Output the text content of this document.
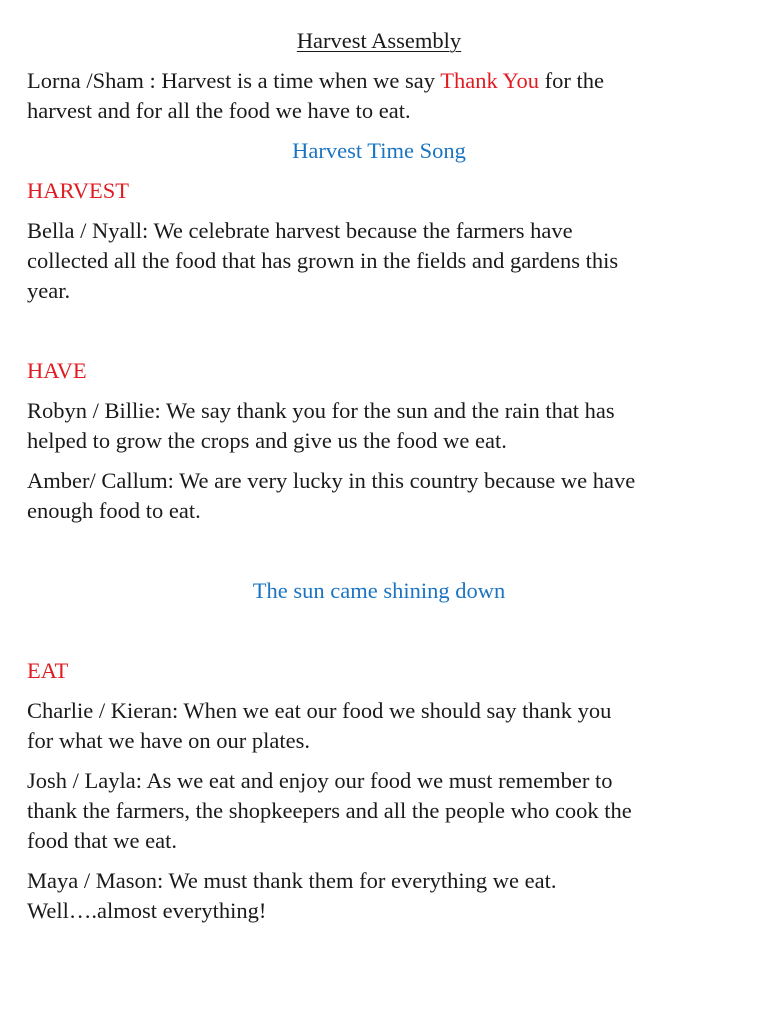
Harvest Assembly

Lorna /Sham : Harvest is a time when we say Thank You for the

harvest and for all the food we have to eat.

Harvest Time Song

HARVEST

Bella / Nyall: We celebrate harvest because the farmers have

collected all the food that has grown in the fields and gardens this

year.

HAVE

Robyn / Billie: We say thank you for the sun and the rain that has

helped to grow the crops and give us the food we eat.

Amber/ Callum: We are very lucky in this country because we have

enough food to eat.

The sun came shining down

EAT

Charlie / Kieran: When we eat our food we should say thank you

for what we have on our plates.

Josh / Layla: As we eat and enjoy our food we must remember to

thank the farmers, the shopkeepers and all the people who cook the

food that we eat.

Maya / Mason: We must thank them for everything we eat.

Well….almost everything!
